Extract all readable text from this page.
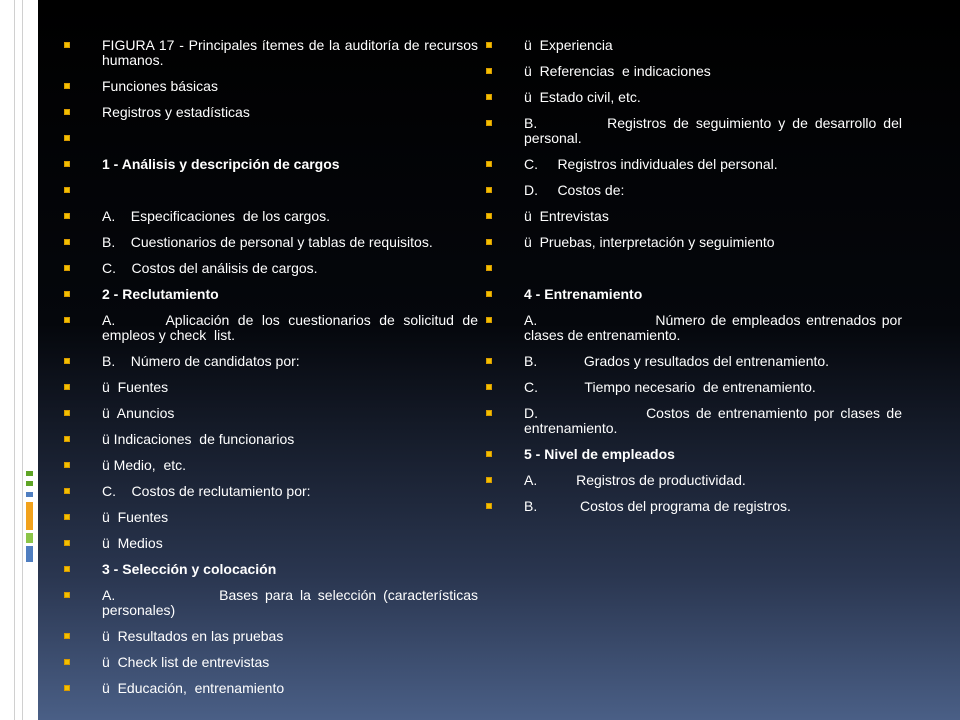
FIGURA 17 - Principales ítemes de la auditoría de recursos humanos.
Funciones básicas
Registros y estadísticas
1 - Análisis y descripción de cargos
A.    Especificaciones  de los cargos.
B.    Cuestionarios de personal y tablas de requisitos.
C.    Costos del análisis de cargos.
2 - Reclutamiento
A.      Aplicación de los cuestionarios de solicitud de empleos y check  list.
B.    Número de candidatos por:
ü  Fuentes
ü  Anuncios
ü Indicaciones  de funcionarios
ü Medio,  etc.
C.    Costos de reclutamiento por:
ü  Fuentes
ü  Medios
3 - Selección y colocación
A.               Bases para la selección (características personales)
ü  Resultados en las pruebas
ü  Check list de entrevistas
ü  Educación,  entrenamiento
ü  Experiencia
ü  Referencias  e indicaciones
ü  Estado civil, etc.
B.          Registros de seguimiento y de desarrollo del personal.
C.     Registros individuales del personal.
D.     Costos de:
ü  Entrevistas
ü  Pruebas, interpretación y seguimiento
4 - Entrenamiento
A.                     Número de empleados entrenados por clases de entrenamiento.
B.            Grados y resultados del entrenamiento.
C.            Tiempo necesario  de entrenamiento.
D.                 Costos de entrenamiento por clases de entrenamiento.
5 - Nivel de empleados
A.          Registros de productividad.
B.           Costos del programa de registros.
